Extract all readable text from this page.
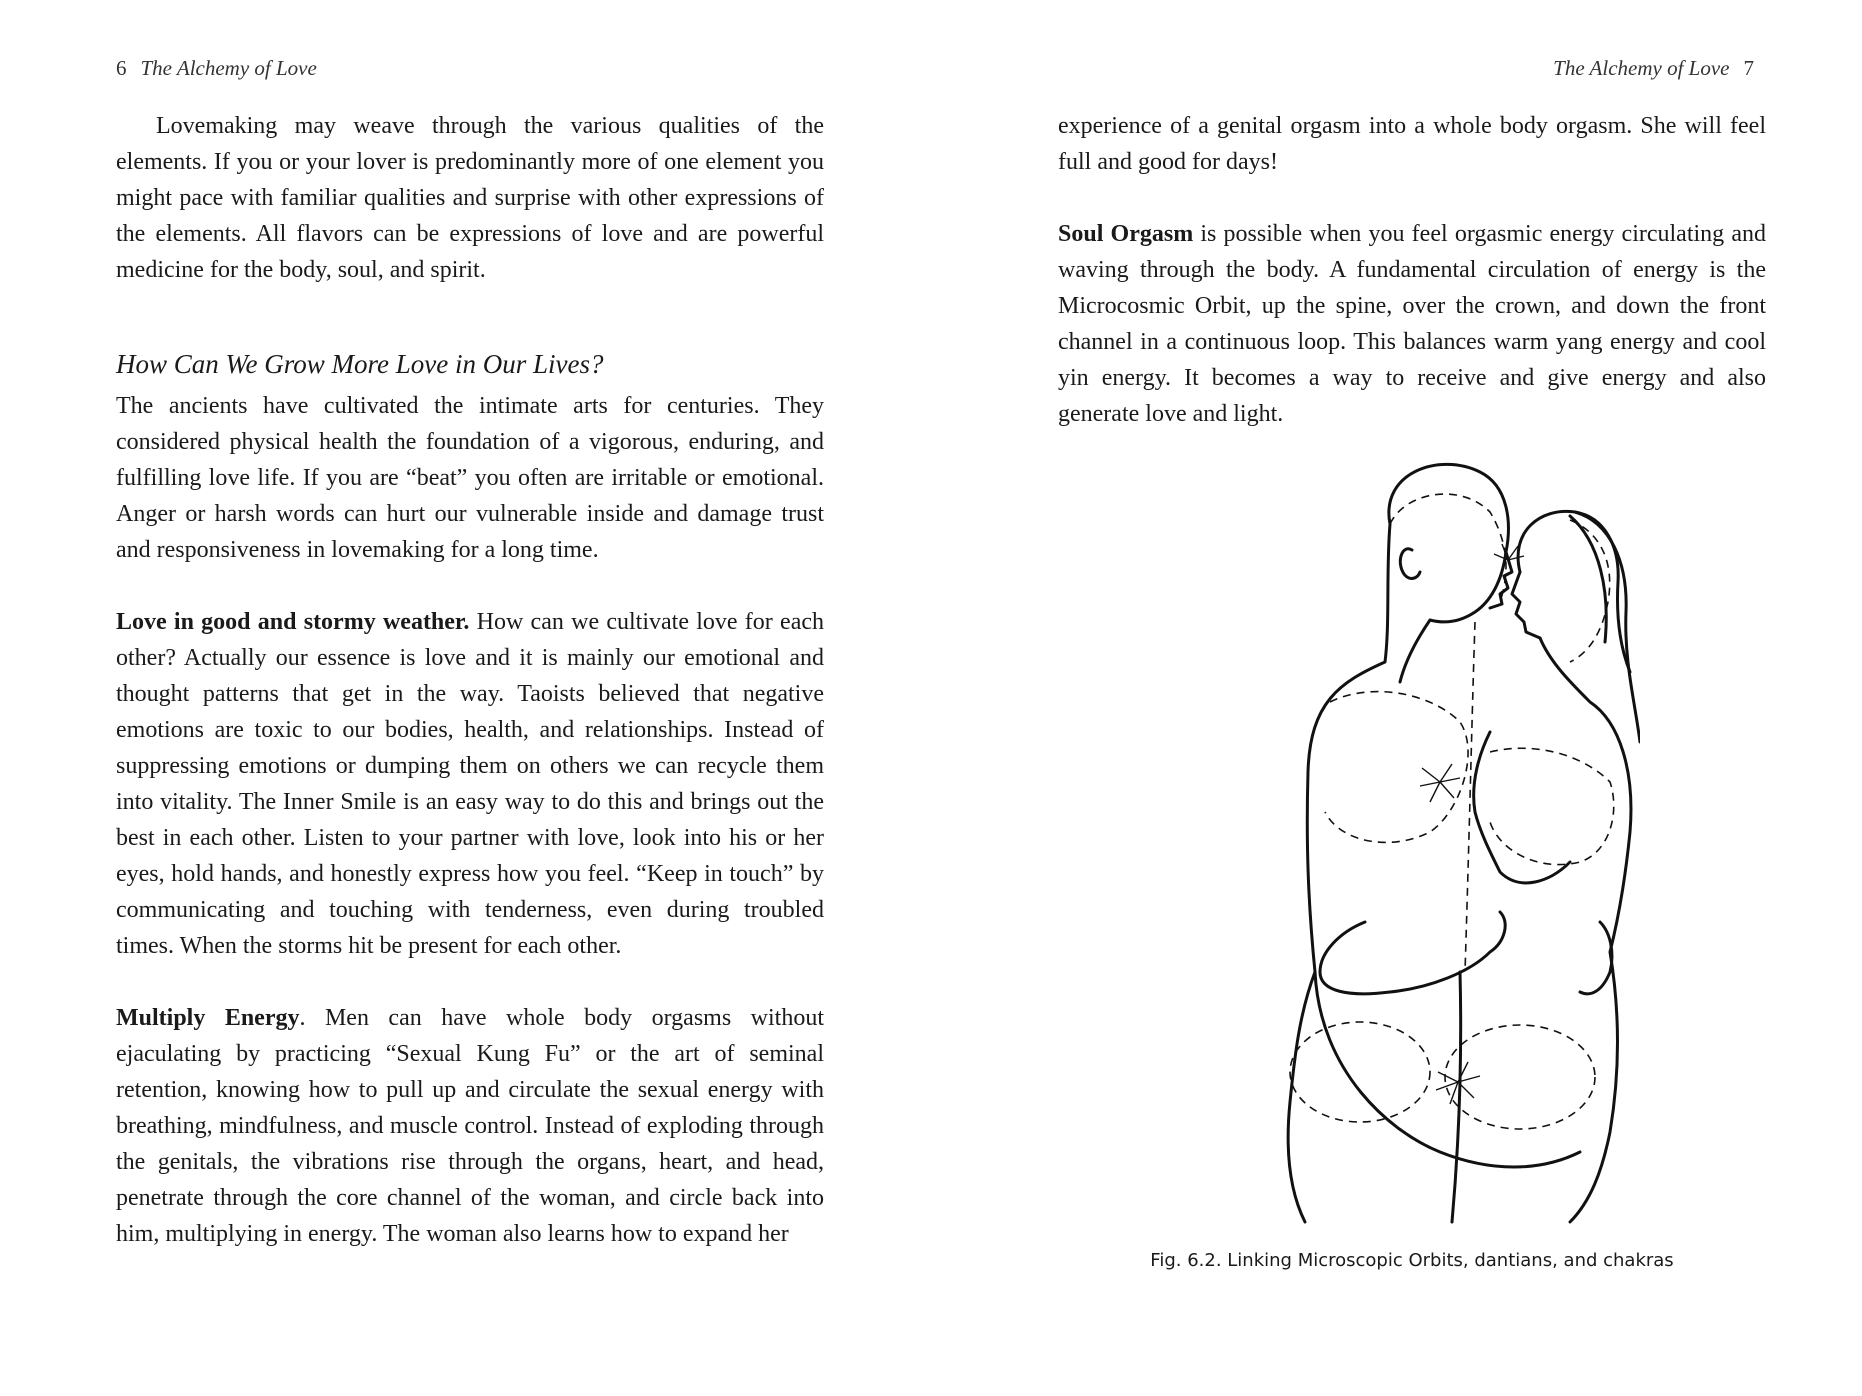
6 The Alchemy of Love

Lovemaking may weave through the various qualities of the elements. If you or your lover is predominantly more of one element you might pace with familiar qualities and surprise with other expressions of the elements. All flavors can be expressions of love and are powerful medicine for the body, soul, and spirit.

How Can We Grow More Love in Our Lives?

The ancients have cultivated the intimate arts for centuries. They considered physical health the foundation of a vigorous, enduring, and fulfilling love life. If you are “beat” you often are irritable or emotional. Anger or harsh words can hurt our vulnerable inside and damage trust and responsiveness in lovemaking for a long time.

Love in good and stormy weather. How can we cultivate love for each other? Actually our essence is love and it is mainly our emotional and thought patterns that get in the way. Taoists believed that negative emotions are toxic to our bodies, health, and relationships. Instead of suppressing emotions or dumping them on others we can recycle them into vitality. The Inner Smile is an easy way to do this and brings out the best in each other. Listen to your partner with love, look into his or her eyes, hold hands, and honestly express how you feel. “Keep in touch” by communicating and touching with tenderness, even during troubled times. When the storms hit be present for each other.

Multiply Energy. Men can have whole body orgasms without ejaculating by practicing “Sexual Kung Fu” or the art of seminal retention, knowing how to pull up and circulate the sexual energy with breathing, mindfulness, and muscle control. Instead of exploding through the genitals, the vibrations rise through the organs, heart, and head, penetrate through the core channel of the woman, and circle back into him, multiplying in energy. The woman also learns how to expand her

The Alchemy of Love 7

experience of a genital orgasm into a whole body orgasm. She will feel full and good for days!

Soul Orgasm is possible when you feel orgasmic energy circulating and waving through the body. A fundamental circulation of energy is the Microcosmic Orbit, up the spine, over the crown, and down the front channel in a continuous loop. This balances warm yang energy and cool yin energy. It becomes a way to receive and give energy and also generate love and light.

Fig. 6.2. Linking Microscopic Orbits, dantians, and chakras
